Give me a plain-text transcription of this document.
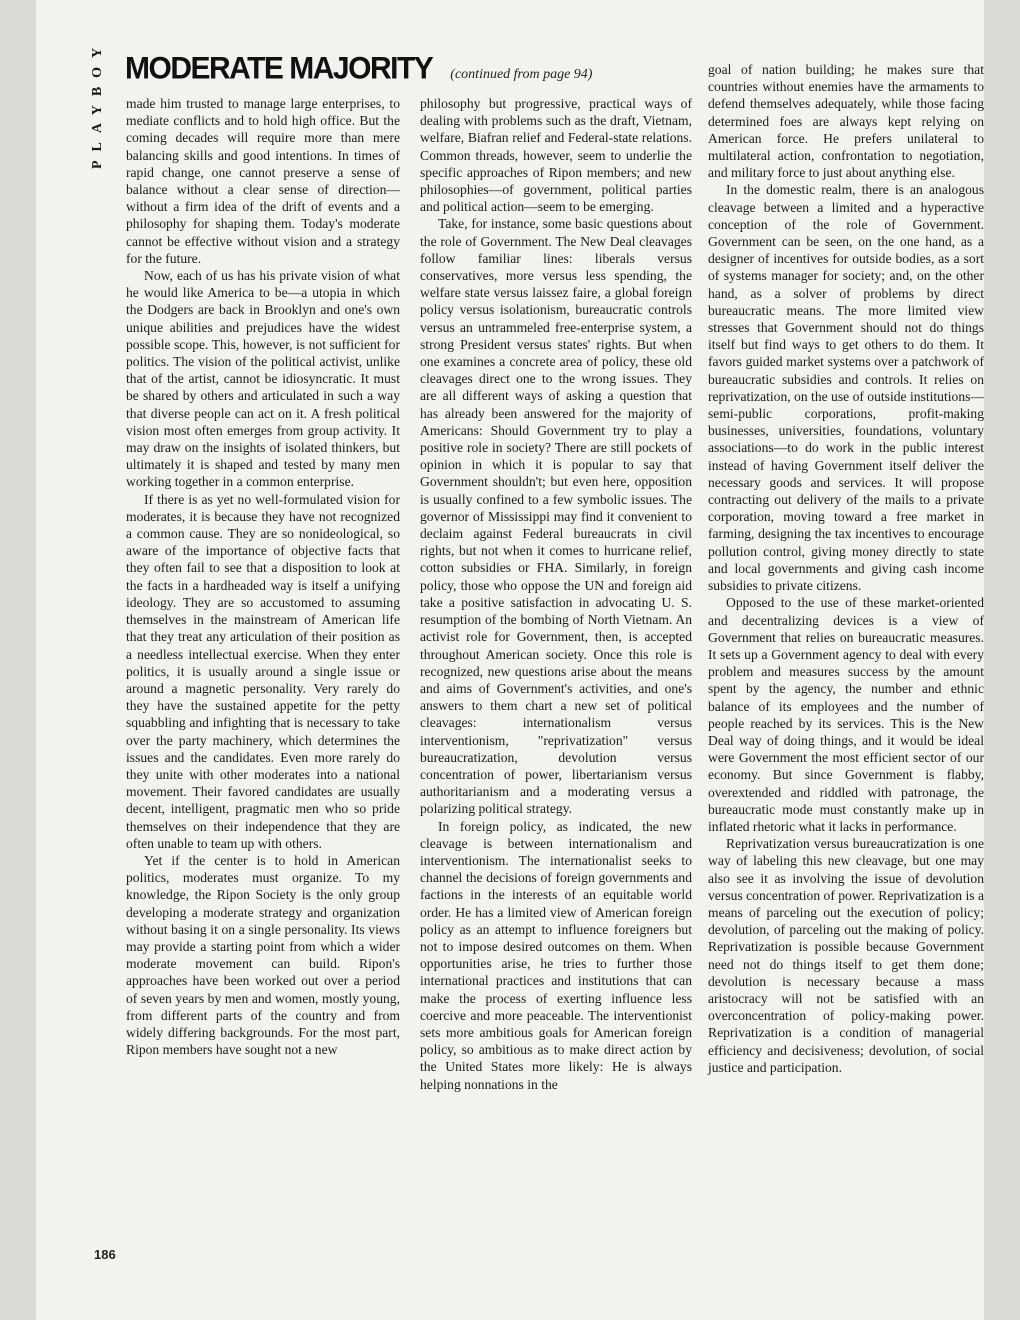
PLAYBOY MODERATE MAJORITY (continued from page 94)

made him trusted to manage large enterprises, to mediate conflicts and to hold high office. But the coming decades will require more than mere balancing skills and good intentions. In times of rapid change, one cannot preserve a sense of balance without a clear sense of direction—without a firm idea of the drift of events and a philosophy for shaping them. Today's moderate cannot be effective without vision and a strategy for the future.

Now, each of us has his private vision of what he would like America to be—a utopia in which the Dodgers are back in Brooklyn and one's own unique abilities and prejudices have the widest possible scope. This, however, is not sufficient for politics. The vision of the political activist, unlike that of the artist, cannot be idiosyncratic. It must be shared by others and articulated in such a way that diverse people can act on it. A fresh political vision most often emerges from group activity. It may draw on the insights of isolated thinkers, but ultimately it is shaped and tested by many men working together in a common enterprise.

If there is as yet no well-formulated vision for moderates, it is because they have not recognized a common cause. They are so nonideological, so aware of the importance of objective facts that they often fail to see that a disposition to look at the facts in a hardheaded way is itself a unifying ideology. They are so accustomed to assuming themselves in the mainstream of American life that they treat any articulation of their position as a needless intellectual exercise. When they enter politics, it is usually around a single issue or around a magnetic personality. Very rarely do they have the sustained appetite for the petty squabbling and infighting that is necessary to take over the party machinery, which determines the issues and the candidates. Even more rarely do they unite with other moderates into a national movement. Their favored candidates are usually decent, intelligent, pragmatic men who so pride themselves on their independence that they are often unable to team up with others.

Yet if the center is to hold in American politics, moderates must organize. To my knowledge, the Ripon Society is the only group developing a moderate strategy and organization without basing it on a single personality. Its views may provide a starting point from which a wider moderate movement can build. Ripon's approaches have been worked out over a period of seven years by men and women, mostly young, from different parts of the country and from widely differing backgrounds. For the most part, Ripon members have sought not a new

philosophy but progressive, practical ways of dealing with problems such as the draft, Vietnam, welfare, Biafran relief and Federal-state relations. Common threads, however, seem to underlie the specific approaches of Ripon members; and new philosophies—of government, political parties and political action—seem to be emerging.

Take, for instance, some basic questions about the role of Government. The New Deal cleavages follow familiar lines: liberals versus conservatives, more versus less spending, the welfare state versus laissez faire, a global foreign policy versus isolationism, bureaucratic controls versus an untrammeled free-enterprise system, a strong President versus states' rights. But when one examines a concrete area of policy, these old cleavages direct one to the wrong issues. They are all different ways of asking a question that has already been answered for the majority of Americans: Should Government try to play a positive role in society? There are still pockets of opinion in which it is popular to say that Government shouldn't; but even here, opposition is usually confined to a few symbolic issues. The governor of Mississippi may find it convenient to declaim against Federal bureaucrats in civil rights, but not when it comes to hurricane relief, cotton subsidies or FHA. Similarly, in foreign policy, those who oppose the UN and foreign aid take a positive satisfaction in advocating U. S. resumption of the bombing of North Vietnam. An activist role for Government, then, is accepted throughout American society. Once this role is recognized, new questions arise about the means and aims of Government's activities, and one's answers to them chart a new set of political cleavages: internationalism versus interventionism, "reprivatization" versus bureaucratization, devolution versus concentration of power, libertarianism versus authoritarianism and a moderating versus a polarizing political strategy.

In foreign policy, as indicated, the new cleavage is between internationalism and interventionism. The internationalist seeks to channel the decisions of foreign governments and factions in the interests of an equitable world order. He has a limited view of American foreign policy as an attempt to influence foreigners but not to impose desired outcomes on them. When opportunities arise, he tries to further those international practices and institutions that can make the process of exerting influence less coercive and more peaceable. The interventionist sets more ambitious goals for American foreign policy, so ambitious as to make direct action by the United States more likely: He is always helping nonnations in the

goal of nation building; he makes sure that countries without enemies have the armaments to defend themselves adequately, while those facing determined foes are always kept relying on American force. He prefers unilateral to multilateral action, confrontation to negotiation, and military force to just about anything else.

In the domestic realm, there is an analogous cleavage between a limited and a hyperactive conception of the role of Government. Government can be seen, on the one hand, as a designer of incentives for outside bodies, as a sort of systems manager for society; and, on the other hand, as a solver of problems by direct bureaucratic means. The more limited view stresses that Government should not do things itself but find ways to get others to do them. It favors guided market systems over a patchwork of bureaucratic subsidies and controls. It relies on reprivatization, on the use of outside institutions—semi-public corporations, profit-making businesses, universities, foundations, voluntary associations—to do work in the public interest instead of having Government itself deliver the necessary goods and services. It will propose contracting out delivery of the mails to a private corporation, moving toward a free market in farming, designing the tax incentives to encourage pollution control, giving money directly to state and local governments and giving cash income subsidies to private citizens.

Opposed to the use of these market-oriented and decentralizing devices is a view of Government that relies on bureaucratic measures. It sets up a Government agency to deal with every problem and measures success by the amount spent by the agency, the number and ethnic balance of its employees and the number of people reached by its services. This is the New Deal way of doing things, and it would be ideal were Government the most efficient sector of our economy. But since Government is flabby, overextended and riddled with patronage, the bureaucratic mode must constantly make up in inflated rhetoric what it lacks in performance.

Reprivatization versus bureaucratization is one way of labeling this new cleavage, but one may also see it as involving the issue of devolution versus concentration of power. Reprivatization is a means of parceling out the execution of policy; devolution, of parceling out the making of policy. Reprivatization is possible because Government need not do things itself to get them done; devolution is necessary because a mass aristocracy will not be satisfied with an overconcentration of policy-making power. Reprivatization is a condition of managerial efficiency and decisiveness; devolution, of social justice and participation.

186
